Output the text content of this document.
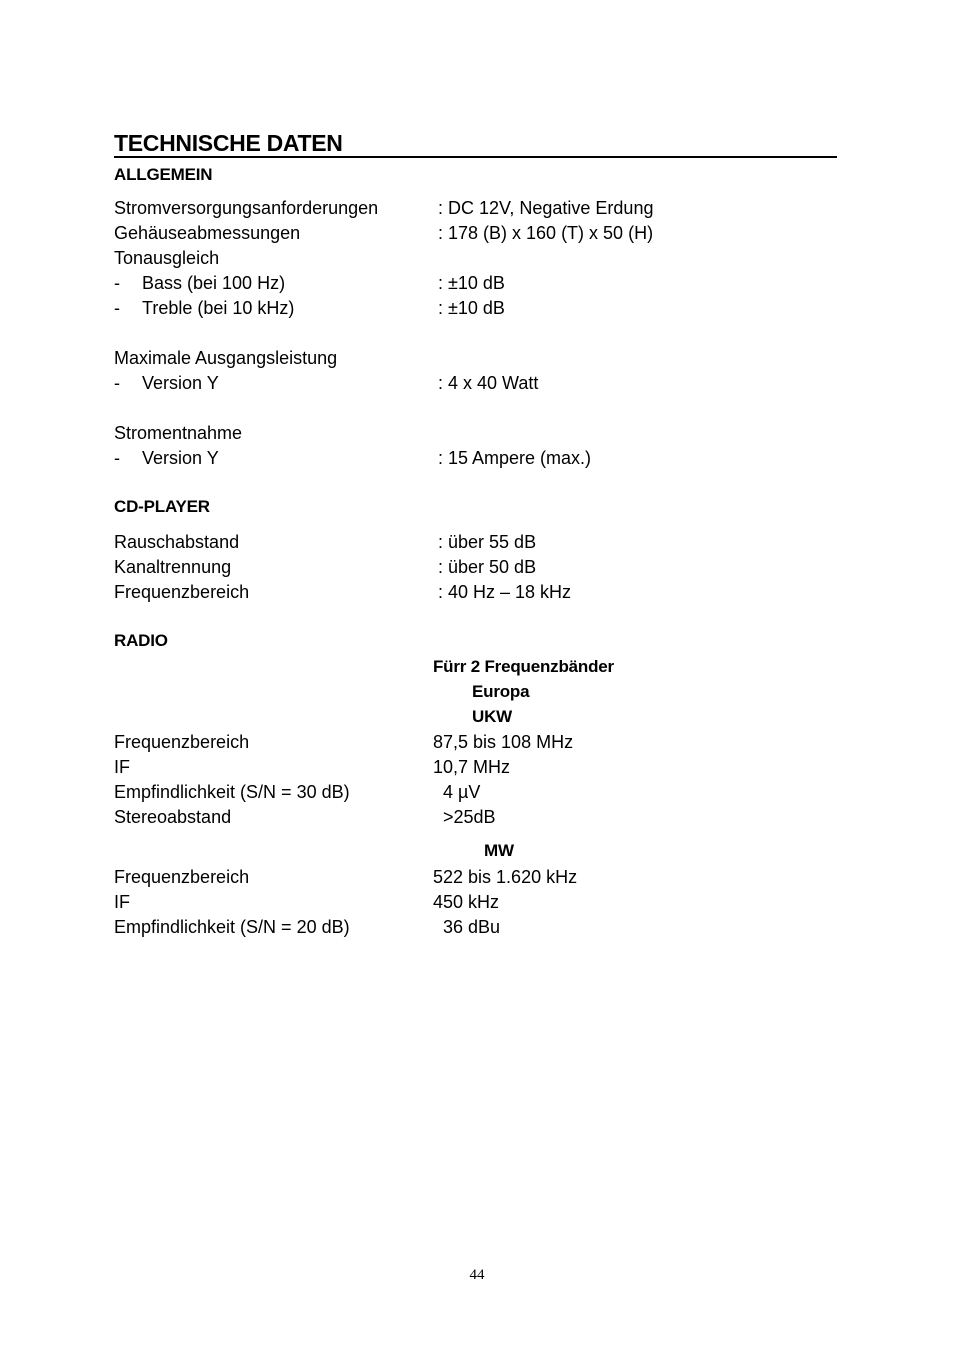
TECHNISCHE DATEN
ALLGEMEIN
Stromversorgungsanforderungen	: DC 12V, Negative Erdung
Gehäuseabmessungen	: 178 (B) x 160 (T) x 50 (H)
Tonausgleich
- Bass (bei 100 Hz)	: ±10 dB
- Treble (bei 10 kHz)	: ±10 dB
Maximale Ausgangsleistung
- Version Y	: 4 x 40 Watt
Stromentnahme
- Version Y	: 15 Ampere (max.)
CD-PLAYER
Rauschabstand	: über 55 dB
Kanaltrennung	: über 50 dB
Frequenzbereich	: 40 Hz – 18 kHz
RADIO
Fürr 2 Frequenzbänder
Europa
UKW
Frequenzbereich	87,5 bis 108 MHz
IF	10,7 MHz
Empfindlichkeit (S/N = 30 dB)	4 µV
Stereoabstand	>25dB
MW
Frequenzbereich	522 bis 1.620 kHz
IF	450 kHz
Empfindlichkeit (S/N = 20 dB)	36 dBu
44
